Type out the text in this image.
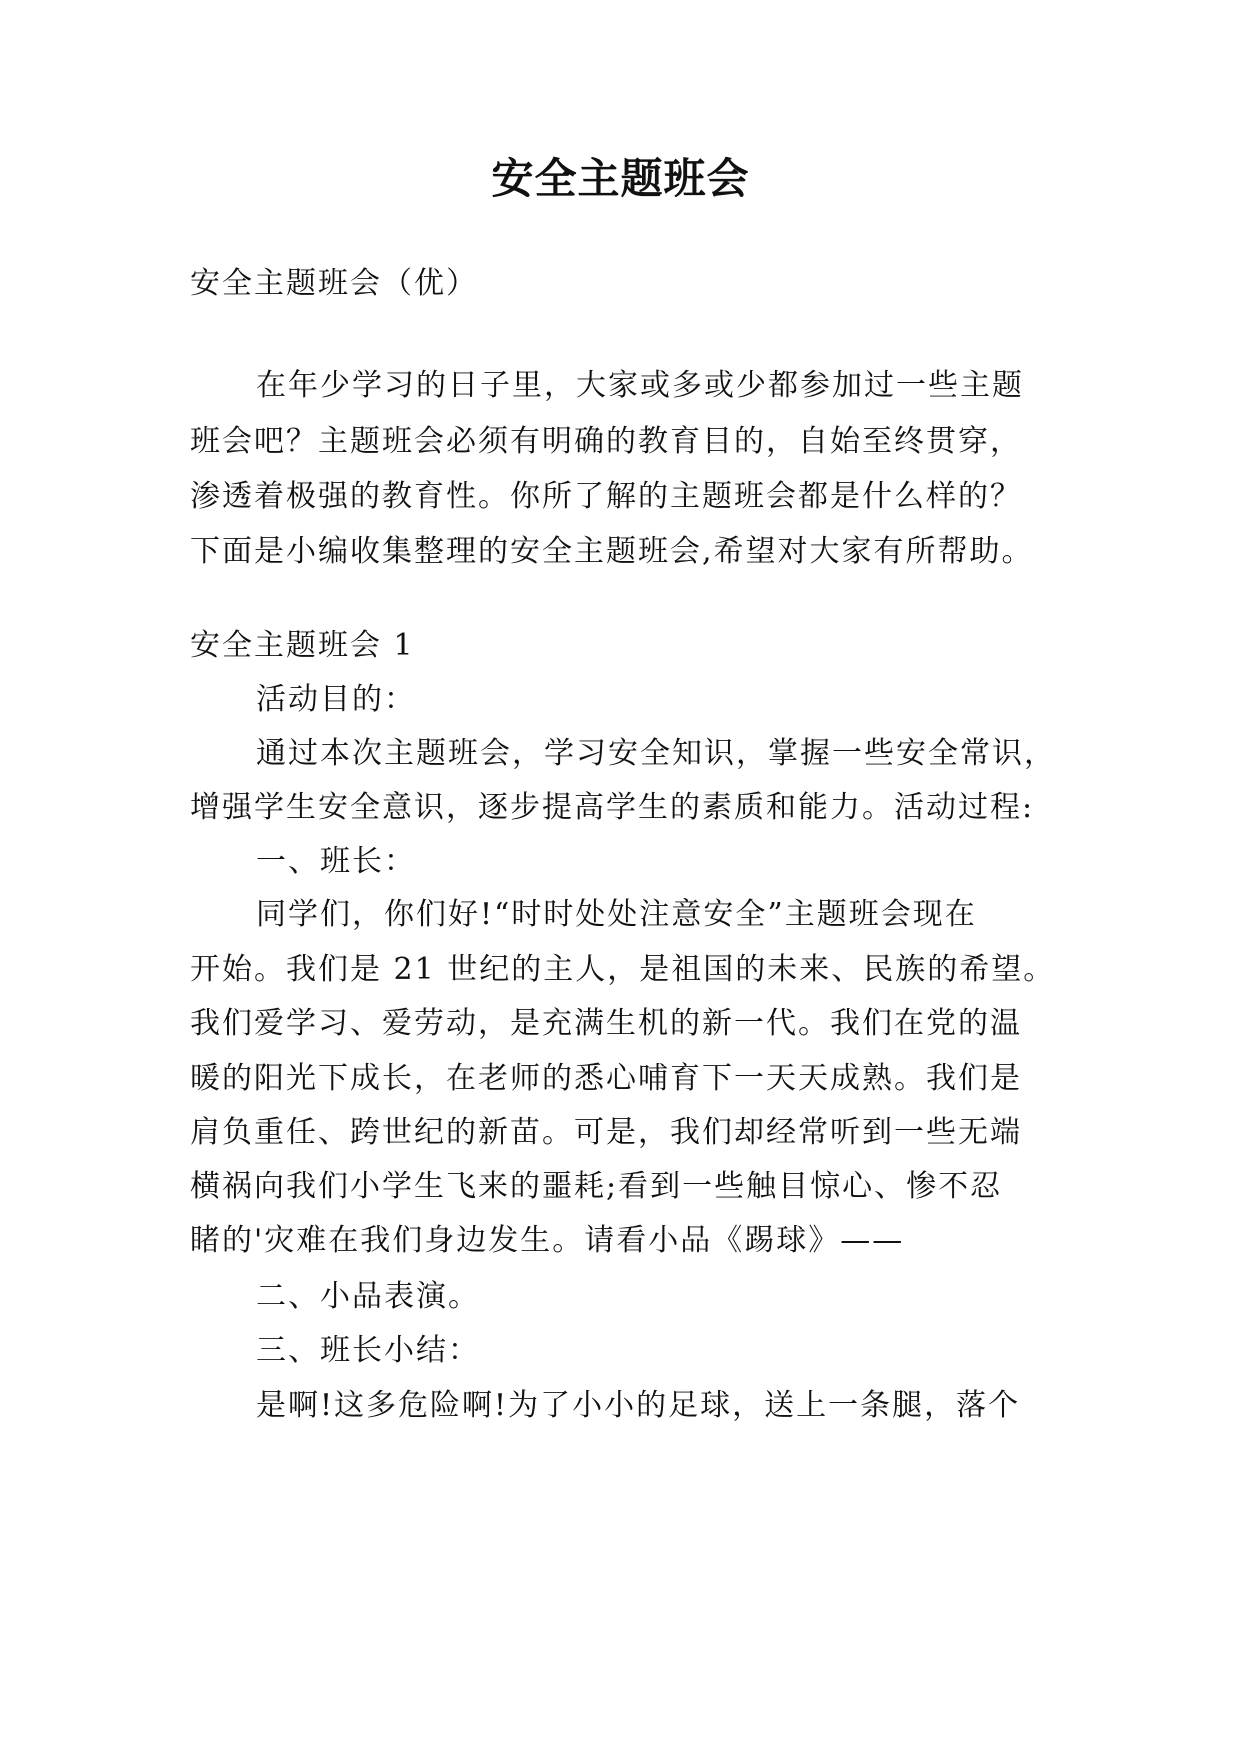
安全主题班会

安全主题班会（优）

在年少学习的日子里，大家或多或少都参加过一些主题

班会吧？主题班会必须有明确的教育目的，自始至终贯穿，

渗透着极强的教育性。你所了解的主题班会都是什么样的？

下面是小编收集整理的安全主题班会,希望对大家有所帮助。

安全主题班会 1

活动目的：

通过本次主题班会，学习安全知识，掌握一些安全常识，

增强学生安全意识，逐步提高学生的素质和能力。活动过程:

一、班长：

同学们，你们好!“时时处处注意安全”主题班会现在

开始。我们是 21 世纪的主人，是祖国的未来、民族的希望。

我们爱学习、爱劳动，是充满生机的新一代。我们在党的温

暖的阳光下成长，在老师的悉心哺育下一天天成熟。我们是

肩负重任、跨世纪的新苗。可是，我们却经常听到一些无端

横祸向我们小学生飞来的噩耗;看到一些触目惊心、惨不忍

睹的'灾难在我们身边发生。请看小品《踢球》——

二、小品表演。

三、班长小结：

是啊!这多危险啊!为了小小的足球，送上一条腿，落个
